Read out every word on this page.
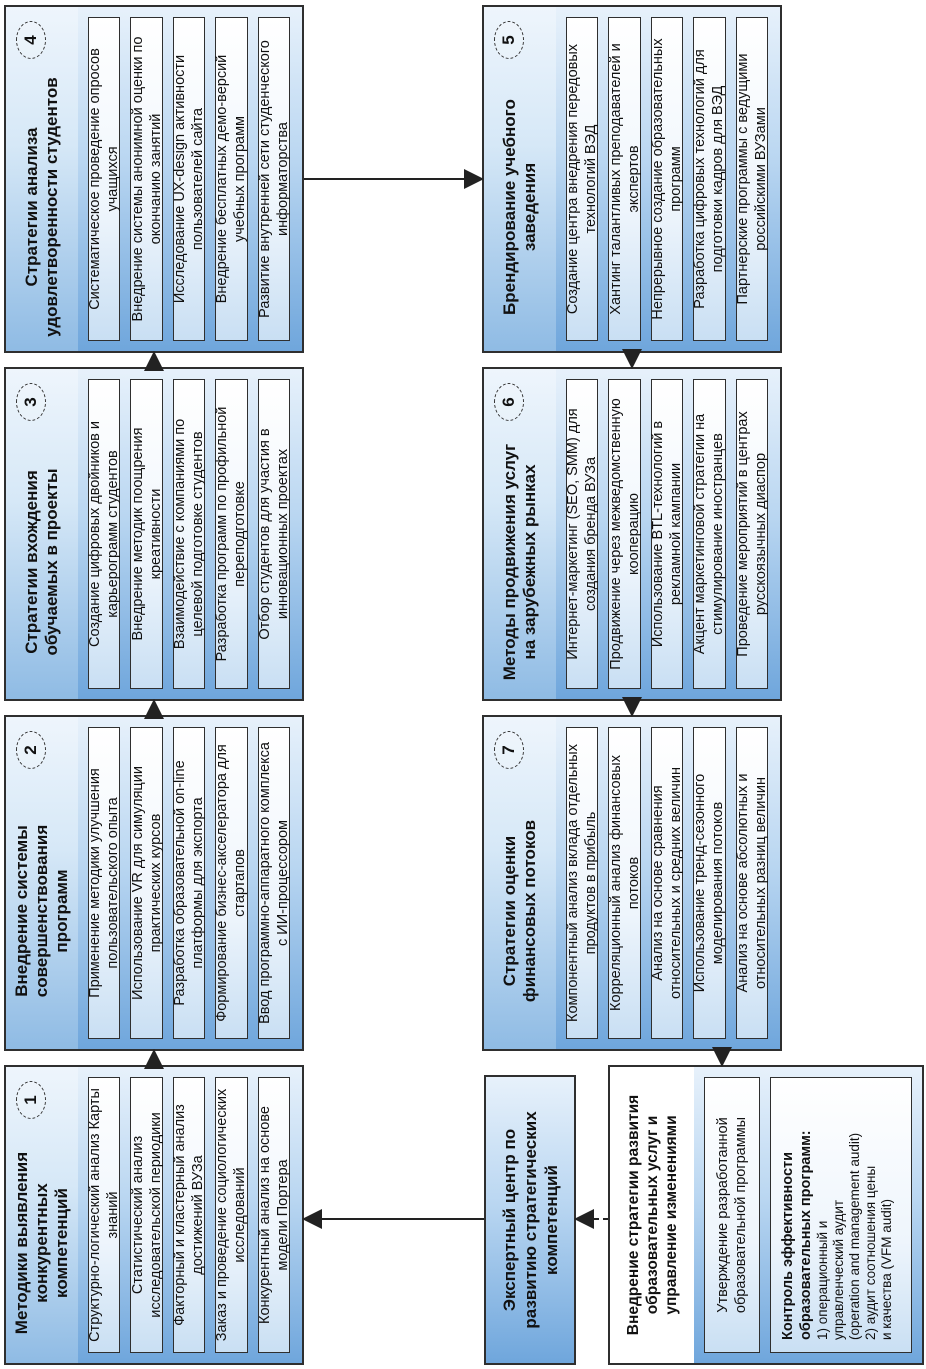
Методики выявления конкурентных компетенций
1	Структурно-логический анализ Карты знаний Статистический анализ исследовательской периодики Факторный и кластерный анализ достижений ВУЗа Заказ и проведение социологических исследований Конкурентный анализ на основе модели Портера
Внедрение системы совершенствования программ
2
Применение методики улучшения пользовательского опыта Использование VR для симуляции практических курсов Разработка образовательной on-line платформы для экспорта Формирование бизнес-акселератора для стартапов Ввод программно-аппаратного комплекса с ИИ-процессором
Стратегии вхождения обучаемых в проекты
3
Создание цифровых двойников и карьерограмм студентов Внедрение методик поощрения креативности Взаимодействие с компаниями по целевой подготовке студентов Разработка программ по профильной переподготовке Отбор студентов для участия в инновационных проектах
Стратегии анализа удовлетворенности студентов
4
Систематическое проведение опросов учащихся Внедрение системы анонимной оценки по окончанию занятий Исследование UX-design активности пользователей сайта Внедрение бесплатных демо-версий учебных программ Развитие внутренней сети студенческого информаторства
Стратегии оценки финансовых потоков
7	Компонентный анализ вклада отдельных продуктов в прибыль Корреляционный анализ финансовых потоков Анализ на основе сравнения относительных и средних величин Использование тренд-сезонного моделирования потоков Анализ на основе абсолютных и относительных разниц величин
Методы продвижения услуг на зарубежных рынках
6
Интернет-маркетинг (SEO, SMM) для создания бренда ВУЗа Продвижение через межведомственную кооперацию Использование BTL-технологий в рекламной кампании Акцент маркетинговой стратегии на стимулирование иностранцев Проведение мероприятий в центрах русскоязычных диаспор
Брендирование учебного заведения
5
Создание центра внедрения передовых технологий ВЭД Хантинг талантливых преподавателей и экспертов Непрерывное создание образовательных программ Разработка цифровых технологий для подготовки кадров для ВЭД Партнерские программы с ведущими российскими ВУЗами
Экспертный центр по развитию стратегических компетенций	Внедрение стратегии развития образовательных услуг и управление изменениями	Утверждение разработанной образовательной программы	Контроль эффективности образовательных программ: 1) операционный и управленческий аудит (operation and management audit) 2) аудит соотношения цены и качества (VFM audit)
